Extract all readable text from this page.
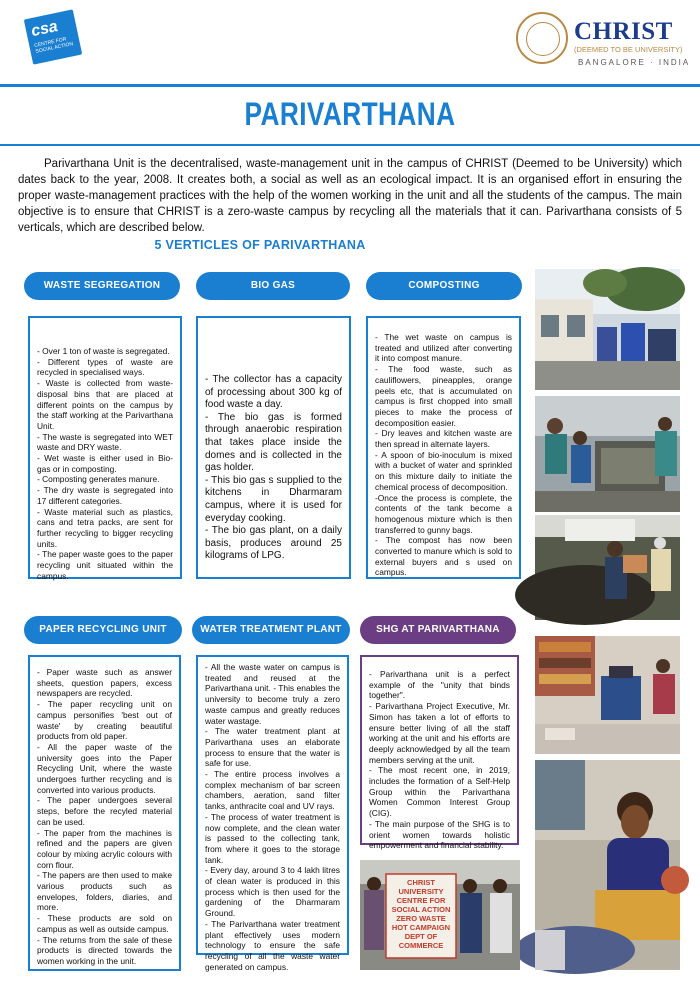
csa
CENTRE FOR SOCIAL ACTION
CHRIST
(DEEMED TO BE UNIVERSITY)
BANGALORE · INDIA
PARIVARTHANA
Parivarthana Unit is the decentralised, waste-management unit in the campus of CHRIST (Deemed to be University) which dates back to the year, 2008. It creates both, a social as well as an ecological impact. It is an organised effort in ensuring the proper waste-management practices with the help of the women working in the unit and all the students of the campus. The main objective is to ensure that CHRIST is a zero-waste campus by recycling all the materials that it can. Parivarthana consists of 5 verticals, which are described below.
5 VERTICLES OF PARIVARTHANA
WASTE SEGREGATION	BIO GAS	COMPOSTING

- Over 1 ton of waste is segregated.

- Different types of waste are recycled in specialised ways.

- Waste is collected from waste-disposal bins that are placed at different points on the campus by the staff working at the Parivarthana Unit.

- The waste is segregated into WET waste and DRY waste.

- Wet waste is either used in Bio- gas or in composting.

- Composting generates manure.

- The dry waste is segregated into 17 different categories.

- Waste material such as plastics, cans and tetra packs, are sent for further recycling to bigger recycling units.

- The paper waste goes to the paper recycling unit situated within the campus.

- The collector has a capacity of processing about 300 kg of food waste a day.

- The bio gas is formed through anaerobic respiration that takes place inside the domes and is collected in the gas holder.

- This bio gas s supplied to the kitchens in Dharmaram campus, where it is used for everyday cooking.

- The bio gas plant, on a daily basis, produces around 25 kilograms of LPG.

- The wet waste on campus is treated and utilized after converting it into compost manure.

- The food waste, such as cauliflowers, pineapples, orange peels etc, that is accumulated on campus is first chopped into small pieces to make the process of decomposition easier.

- Dry leaves and kitchen waste are then spread in alternate layers.

- A spoon of bio-inoculum is mixed with a bucket of water and sprinkled on this mixture daily to initiate the chemical process of decomposition.

-Once the process is complete, the contents of the tank become a homogenous mixture which is then transferred to gunny bags.

- The compost has now been converted to manure which is sold to external buyers and s used on campus.

PAPER RECYCLING UNIT	WATER TREATMENT PLANT	SHG AT PARIVARTHANA

- Paper waste such as answer sheets, question papers, excess newspapers are recycled.

- The paper recycling unit on campus personifies 'best out of waste' by creating beautiful products from old paper.

- All the paper waste of the university goes into the Paper Recycling Unit, where the waste undergoes further recycling and is converted into various products.

- The paper undergoes several steps, before the recyled material can be used.

- The paper from the machines is refined and the papers are given colour by mixing acrylic colours with corn flour.

- The papers are then used to make various products such as envelopes, folders, diaries, and more.

- These products are sold on campus as well as outside campus.

- The returns from the sale of these products is directed towards the women working in the unit.

- All the waste water on campus is treated and reused at the Parivarthana unit. - This enables the university to become truly a zero waste campus and greatly reduces water wastage.

- The water treatment plant at Parivarthana uses an elaborate process to ensure that the water is safe for use.

- The entire process involves a complex mechanism of bar screen chambers, aeration, sand filter tanks, anthracite coal and UV rays.

- The process of water treatment is now complete, and the clean water is passed to the collecting tank, from where it goes to the storage tank.

- Every day, around 3 to 4 lakh litres of clean water is produced in this process which is then used for the gardening of the Dharmaram Ground.

- The Parivarthana water treatment plant effectively uses modern technology to ensure the safe recycling of all the waste water generated on campus.

- Parivarthana unit is a perfect example of the "unity that binds together".

- Parivarthana Project Executive, Mr. Simon has taken a lot of efforts to ensure better living of all the staff working at the unit and his efforts are deeply acknowledged by all the team members serving at the unit.

- The most recent one, in 2019, includes the formation of a Self-Help Group within the Parivarthana Women Common Interest Group (CIG).

- The main purpose of the SHG is to orient women towards holistic empowerment and financial stability.

CHRIST UNIVERSITY CENTRE FOR SOCIAL ACTION ZERO WASTE HOT CAMPAIGN DEPT OF COMMERCE
